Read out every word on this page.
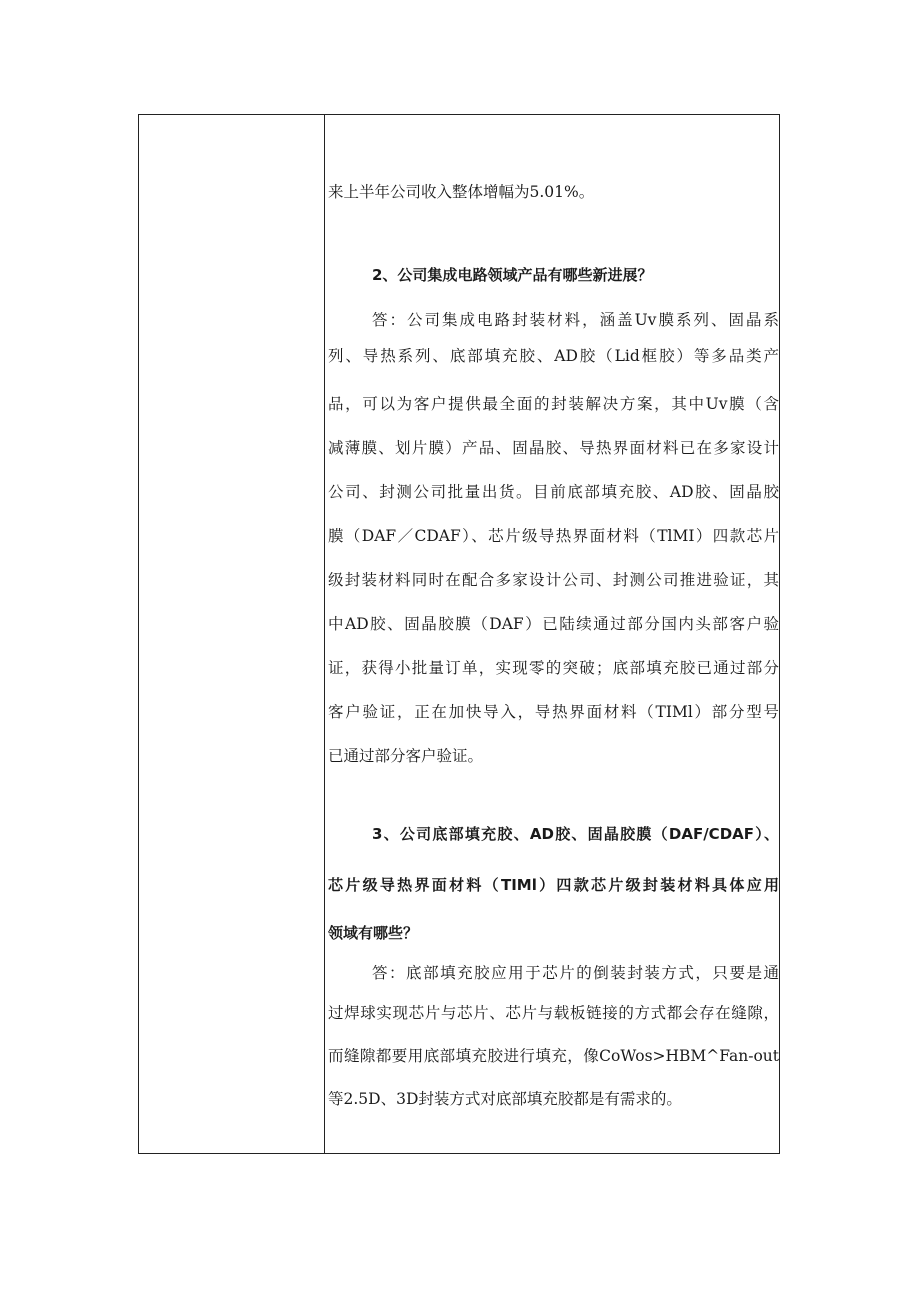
来上半年公司收入整体增幅为5.01%。
2、公司集成电路领域产品有哪些新进展？
答：公司集成电路封装材料，涵盖Uv膜系列、固晶系
列、导热系列、底部填充胶、AD胶（Lid框胶）等多品类产
品，可以为客户提供最全面的封装解决方案，其中Uv膜（含
减薄膜、划片膜）产品、固晶胶、导热界面材料已在多家设计
公司、封测公司批量出货。目前底部填充胶、AD胶、固晶胶
膜（DAF／CDAF）、芯片级导热界面材料（TlMI）四款芯片
级封装材料同时在配合多家设计公司、封测公司推进验证，其
中AD胶、固晶胶膜（DAF）已陆续通过部分国内头部客户验
证，获得小批量订单，实现零的突破；底部填充胶已通过部分
客户验证，正在加快导入，导热界面材料（TIMl）部分型号
已通过部分客户验证。
3、公司底部填充胶、AD胶、固晶胶膜（DAF/CDAF）、
芯片级导热界面材料（TIMl）四款芯片级封装材料具体应用
领域有哪些？
答：底部填充胶应用于芯片的倒装封装方式，只要是通
过焊球实现芯片与芯片、芯片与载板链接的方式都会存在缝隙，
而缝隙都要用底部填充胶进行填充，像CoWos>HBM^Fan-out
等2.5D、3D封装方式对底部填充胶都是有需求的。
